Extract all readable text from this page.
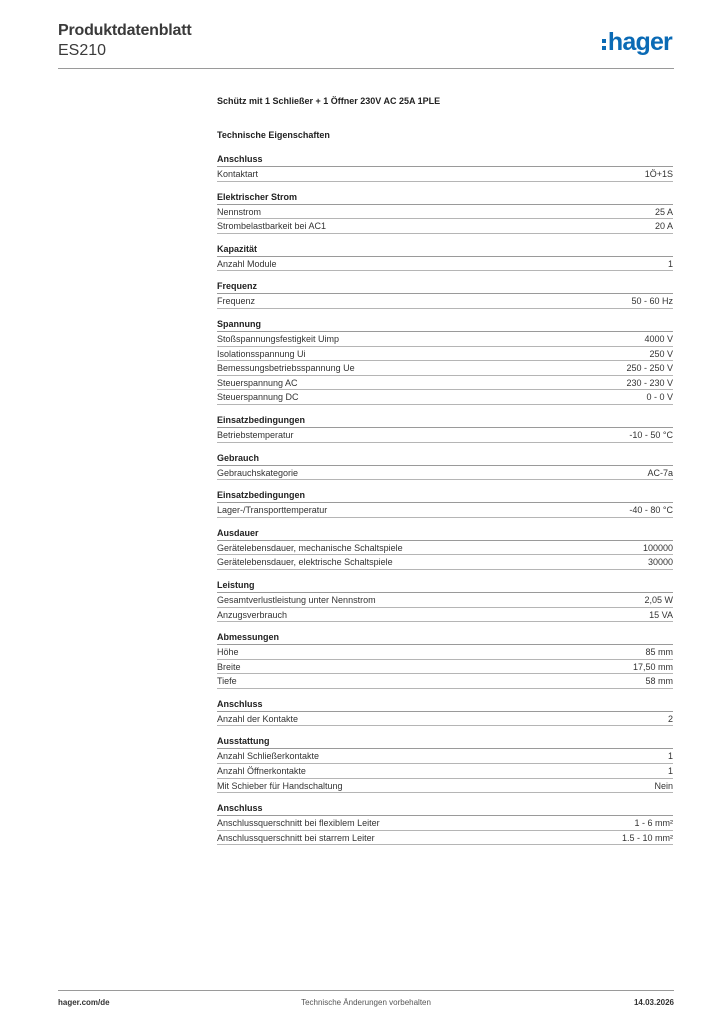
Produktdatenblatt
ES210	hager
Schütz mit 1 Schließer + 1 Öffner 230V AC 25A 1PLE
Technische Eigenschaften
Anschluss
Kontaktart	1Ö+1S
Elektrischer Strom
Nennstrom	25 A
Strombelastbarkeit bei AC1	20 A
Kapazität
Anzahl Module	1
Frequenz
Frequenz	50 - 60 Hz
Spannung
Stoßspannungsfestigkeit Uimp	4000 V
Isolationsspannung Ui	250 V
Bemessungsbetriebsspannung Ue	250 - 250 V
Steuerspannung AC	230 - 230 V
Steuerspannung DC	0 - 0 V
Einsatzbedingungen
Betriebstemperatur	-10 - 50 °C
Gebrauch
Gebrauchskategorie	AC-7a
Einsatzbedingungen
Lager-/Transporttemperatur	-40 - 80 °C
Ausdauer
Gerätelebensdauer, mechanische Schaltspiele	100000
Gerätelebensdauer, elektrische Schaltspiele	30000
Leistung
Gesamtverlustleistung unter Nennstrom	2,05 W
Anzugsverbrauch	15 VA
Abmessungen
Höhe	85 mm
Breite	17,50 mm
Tiefe	58 mm
Anschluss
Anzahl der Kontakte	2
Ausstattung
Anzahl Schließerkontakte	1
Anzahl Öffnerkontakte	1
Mit Schieber für Handschaltung	Nein
Anschluss
Anschlussquerschnitt bei flexiblem Leiter	1 - 6 mm²
Anschlussquerschnitt bei starrem Leiter	1.5 - 10 mm²
hager.com/de	Technische Änderungen vorbehalten	14.03.2026
